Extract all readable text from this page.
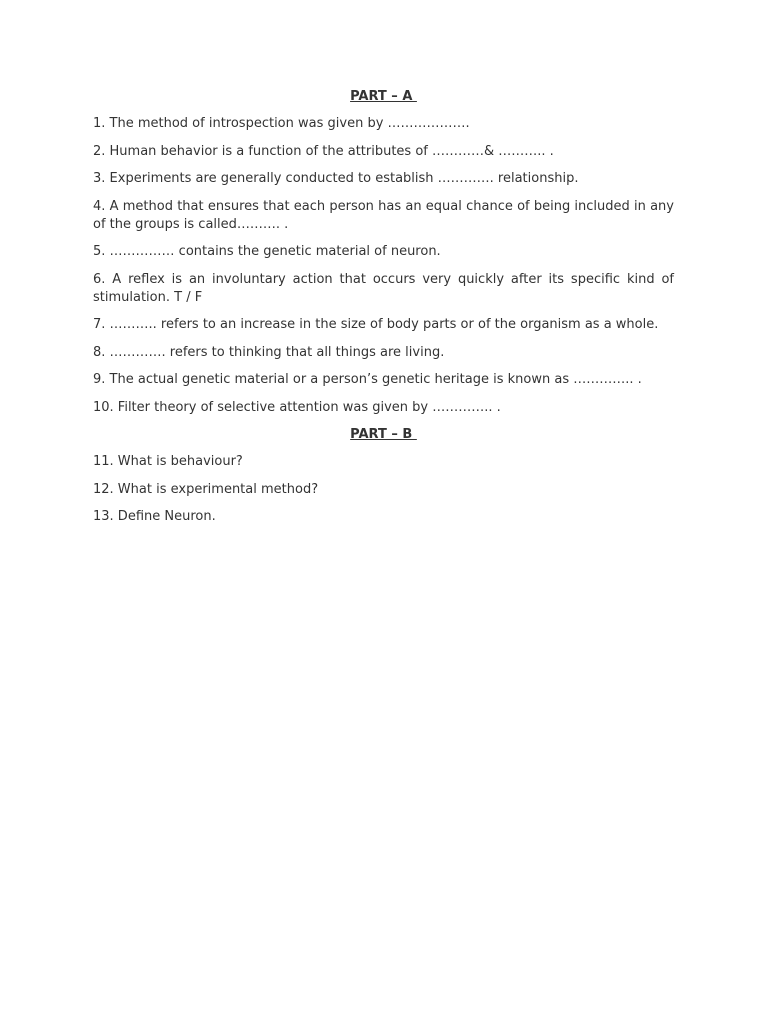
PART – A

1. The method of introspection was given by ……………….

2. Human behavior is a function of the attributes of …………& ……….. .

3. Experiments are generally conducted to establish …………. relationship.

4. A method that ensures that each person has an equal chance of being included in any of the groups is called………. .

5. …………… contains the genetic material of neuron.

6. A reflex is an involuntary action that occurs very quickly after its specific kind of stimulation. T / F

7. ……….. refers to an increase in the size of body parts or of the organism as a whole.

8. …………. refers to thinking that all things are living.

9. The actual genetic material or a person’s genetic heritage is known as ………….. .

10. Filter theory of selective attention was given by ………….. .

PART – B

11. What is behaviour?

12. What is experimental method?

13. Define Neuron.
